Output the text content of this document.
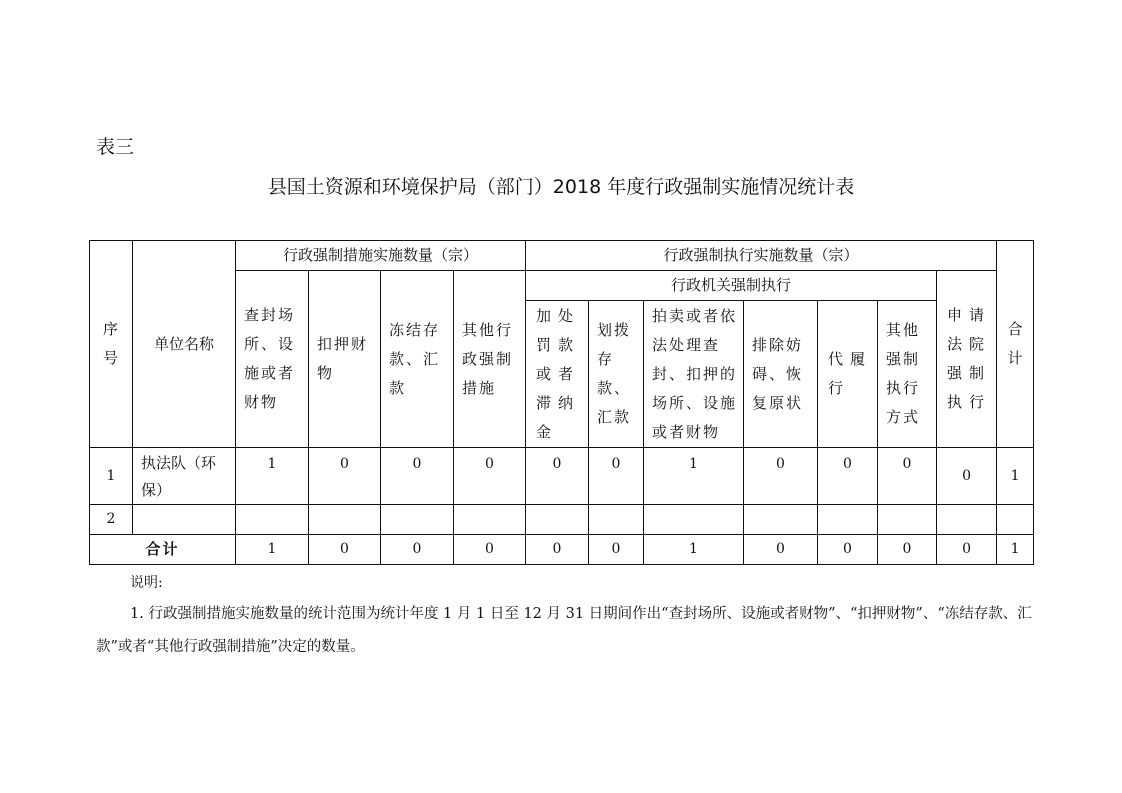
表三
县国土资源和环境保护局（部门）2018 年度行政强制实施情况统计表
序号	单位名称	行政强制措施实施数量（宗）				行政强制执行实施数量（宗）							合计
		查封场所、设施或者财物	扣押财物	冻结存款、汇款	其他行政强制措施	行政机关强制执行						申请法院强制执行	
						加处罚款或者滞纳金	划拨存款、汇款	拍卖或者依法处理查封、扣押的场所、设施或者财物	排除妨碍、恢复原状	代履行	其他强制执行方式		
1	执法队（环保）	1	0	0	0	0	0	1	0	0	0	0	1
2													
合计		1	0	0	0	0	0	1	0	0	0	0	1
说明:
1. 行政强制措施实施数量的统计范围为统计年度 1 月 1 日至 12 月 31 日期间作出“查封场所、设施或者财物”、“扣押财物”、“冻结存款、汇款”或者“其他行政强制措施”决定的数量。
